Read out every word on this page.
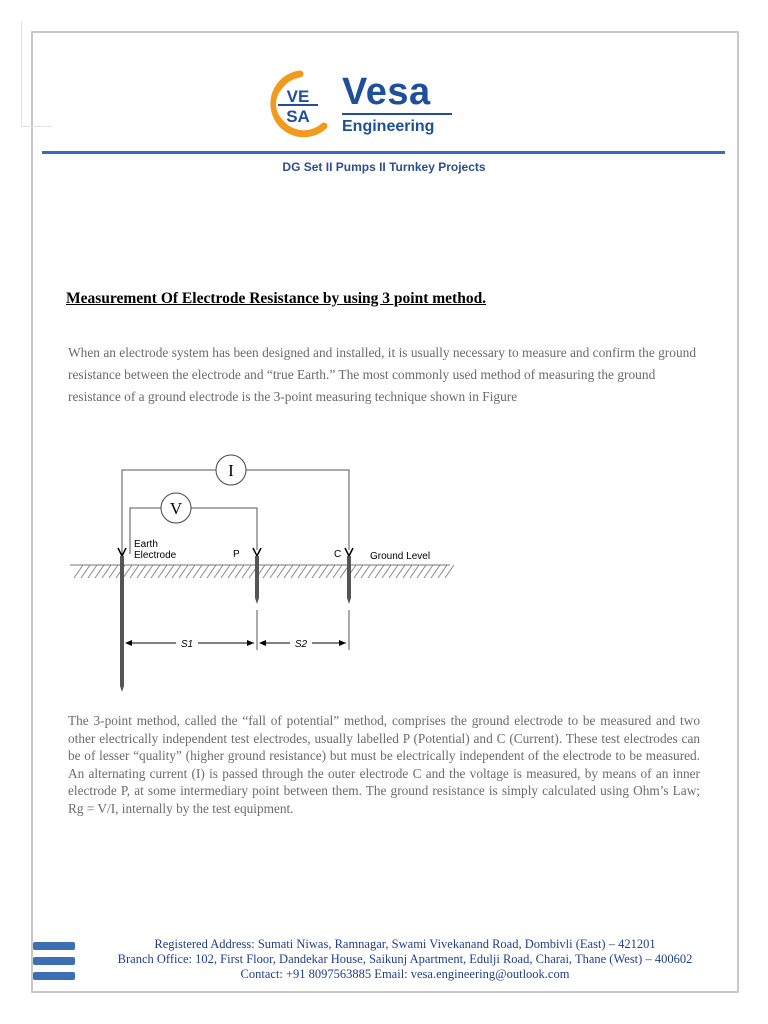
VE
SA
Vesa
Engineering
DG Set II Pumps II Turnkey Projects
Measurement Of Electrode Resistance by using 3 point method.

When an electrode system has been designed and installed, it is usually necessary to measure and confirm the ground resistance between the electrode and “true Earth.” The most commonly used method of measuring the ground resistance of a ground electrode is the 3-point measuring technique shown in Figure

I
V
Earth
Electrode	P	C	Ground Level
S1	S2

The 3-point method, called the “fall of potential” method, comprises the ground electrode to be measured and two other electrically independent test electrodes, usually labelled P (Potential) and C (Current). These test electrodes can be of lesser “quality” (higher ground resistance) but must be electrically independent of the electrode to be measured. An alternating current (I) is passed through the outer electrode C and the voltage is measured, by means of an inner electrode P, at some intermediary point between them. The ground resistance is simply calculated using Ohm’s Law; Rg = V/I, internally by the test equipment.

Registered Address: Sumati Niwas, Ramnagar, Swami Vivekanand Road, Dombivli (East) – 421201
Branch Office: 102, First Floor, Dandekar House, Saikunj Apartment, Edulji Road, Charai, Thane (West) – 400602
Contact: +91 8097563885 Email: vesa.engineering@outlook.com
